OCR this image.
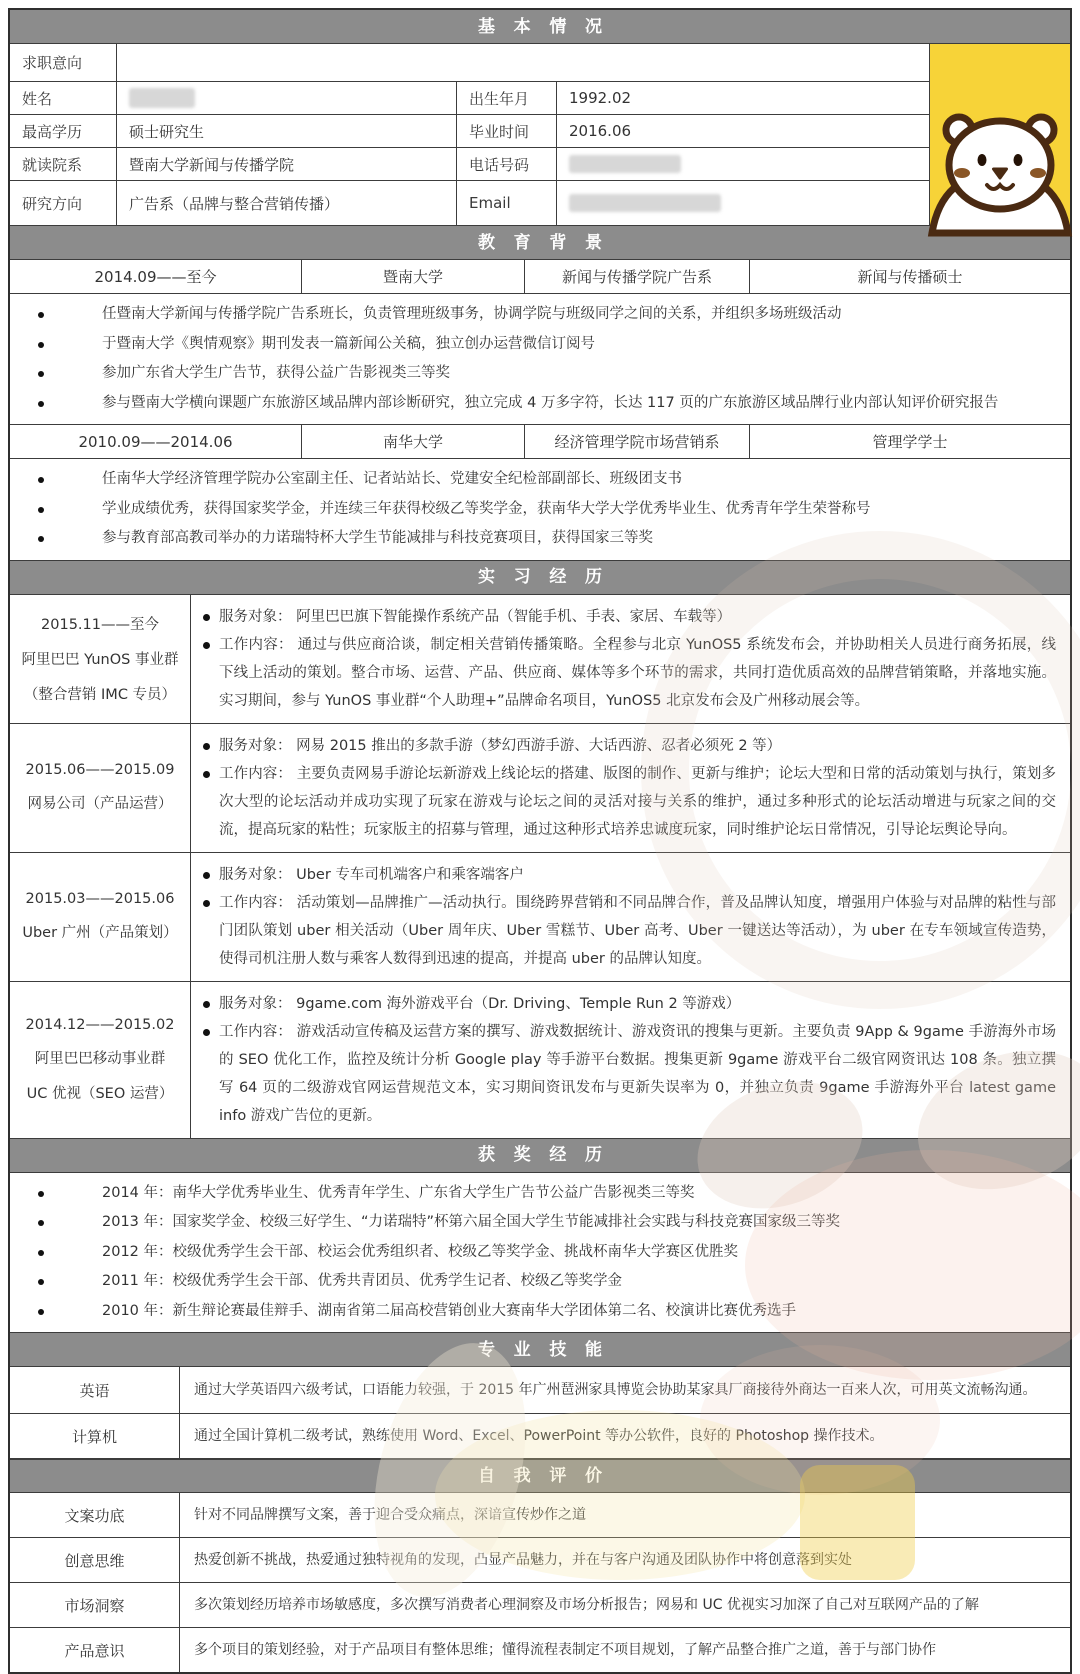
基本情况
求职意向
姓名	出生年月	1992.02
最高学历	硕士研究生	毕业时间	2016.06
就读院系	暨南大学新闻与传播学院	电话号码
研究方向	广告系（品牌与整合营销传播）	Email
教育背景
2014.09——至今	暨南大学	新闻与传播学院广告系	新闻与传播硕士
任暨南大学新闻与传播学院广告系班长，负责管理班级事务，协调学院与班级同学之间的关系，并组织多场班级活动
于暨南大学《舆情观察》期刊发表一篇新闻公关稿，独立创办运营微信订阅号
参加广东省大学生广告节，获得公益广告影视类三等奖
参与暨南大学横向课题广东旅游区域品牌内部诊断研究，独立完成 4 万多字符，长达 117 页的广东旅游区域品牌行业内部认知评价研究报告
2010.09——2014.06	南华大学	经济管理学院市场营销系	管理学学士
任南华大学经济管理学院办公室副主任、记者站站长、党建安全纪检部副部长、班级团支书
学业成绩优秀，获得国家奖学金，并连续三年获得校级乙等奖学金，获南华大学大学优秀毕业生、优秀青年学生荣誉称号
参与教育部高教司举办的力诺瑞特杯大学生节能减排与科技竞赛项目，获得国家三等奖
实习经历
2015.11——至今
阿里巴巴 YunOS 事业群
（整合营销 IMC 专员）
服务对象： 阿里巴巴旗下智能操作系统产品（智能手机、手表、家居、车载等）
工作内容： 通过与供应商洽谈，制定相关营销传播策略。全程参与北京 YunOS5 系统发布会，并协助相关人员进行商务拓展，线下线上活动的策划。整合市场、运营、产品、供应商、媒体等多个环节的需求，共同打造优质高效的品牌营销策略，并落地实施。实习期间，参与 YunOS 事业群“个人助理+”品牌命名项目，YunOS5 北京发布会及广州移动展会等。
2015.06——2015.09
网易公司（产品运营）
服务对象： 网易 2015 推出的多款手游（梦幻西游手游、大话西游、忍者必须死 2 等）
工作内容： 主要负责网易手游论坛新游戏上线论坛的搭建、版图的制作、更新与维护；论坛大型和日常的活动策划与执行，策划多次大型的论坛活动并成功实现了玩家在游戏与论坛之间的灵活对接与关系的维护，通过多种形式的论坛活动增进与玩家之间的交流，提高玩家的粘性；玩家版主的招募与管理，通过这种形式培养忠诚度玩家，同时维护论坛日常情况，引导论坛舆论导向。
2015.03——2015.06
Uber 广州（产品策划）
服务对象： Uber 专车司机端客户和乘客端客户
工作内容： 活动策划—品牌推广—活动执行。围绕跨界营销和不同品牌合作，普及品牌认知度，增强用户体验与对品牌的粘性与部门团队策划 uber 相关活动（Uber 周年庆、Uber 雪糕节、Uber 高考、Uber 一键送达等活动），为 uber 在专车领域宣传造势，使得司机注册人数与乘客人数得到迅速的提高，并提高 uber 的品牌认知度。
2014.12——2015.02
阿里巴巴移动事业群
UC 优视（SEO 运营）
服务对象： 9game.com 海外游戏平台（Dr. Driving、Temple Run 2 等游戏）
工作内容： 游戏活动宣传稿及运营方案的撰写、游戏数据统计、游戏资讯的搜集与更新。主要负责 9App & 9game 手游海外市场的 SEO 优化工作，监控及统计分析 Google play 等手游平台数据。搜集更新 9game 游戏平台二级官网资讯达 108 条。独立撰写 64 页的二级游戏官网运营规范文本，实习期间资讯发布与更新失误率为 0，并独立负责 9game 手游海外平台 latest game info 游戏广告位的更新。
获奖经历
2014 年：南华大学优秀毕业生、优秀青年学生、广东省大学生广告节公益广告影视类三等奖
2013 年：国家奖学金、校级三好学生、“力诺瑞特”杯第六届全国大学生节能减排社会实践与科技竞赛国家级三等奖
2012 年：校级优秀学生会干部、校运会优秀组织者、校级乙等奖学金、挑战杯南华大学赛区优胜奖
2011 年：校级优秀学生会干部、优秀共青团员、优秀学生记者、校级乙等奖学金
2010 年：新生辩论赛最佳辩手、湖南省第二届高校营销创业大赛南华大学团体第二名、校演讲比赛优秀选手
专业技能
英语	通过大学英语四六级考试，口语能力较强，于 2015 年广州琶洲家具博览会协助某家具厂商接待外商达一百来人次，可用英文流畅沟通。
计算机	通过全国计算机二级考试，熟练使用 Word、Excel、PowerPoint 等办公软件，良好的 Photoshop 操作技术。
自我评价
文案功底	针对不同品牌撰写文案，善于迎合受众痛点，深谙宣传炒作之道
创意思维	热爱创新不挑战，热爱通过独特视角的发现，凸显产品魅力，并在与客户沟通及团队协作中将创意落到实处
市场洞察	多次策划经历培养市场敏感度，多次撰写消费者心理洞察及市场分析报告；网易和 UC 优视实习加深了自己对互联网产品的了解
产品意识	多个项目的策划经验，对于产品项目有整体思维；懂得流程表制定不项目规划，了解产品整合推广之道，善于与部门协作
